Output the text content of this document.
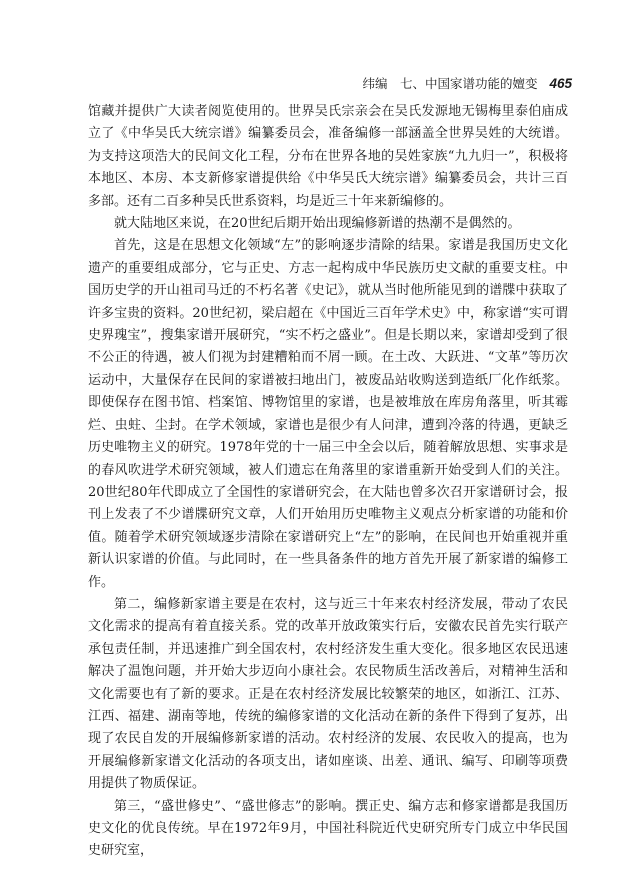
纬编　七、中国家谱功能的嬗变 465

馆藏并提供广大读者阅览使用的。世界吴氏宗亲会在吴氏发源地无锡梅里泰伯庙成立了《中华吴氏大统宗谱》编纂委员会，准备编修一部涵盖全世界吴姓的大统谱。为支持这项浩大的民间文化工程，分布在世界各地的吴姓家族“九九归一”，积极将本地区、本房、本支新修家谱提供给《中华吴氏大统宗谱》编纂委员会，共计三百多部。还有二百多种吴氏世系资料，均是近三十年来新编修的。

就大陆地区来说，在20世纪后期开始出现编修新谱的热潮不是偶然的。

首先，这是在思想文化领域“左”的影响逐步清除的结果。家谱是我国历史文化遗产的重要组成部分，它与正史、方志一起构成中华民族历史文献的重要支柱。中国历史学的开山祖司马迁的不朽名著《史记》，就从当时他所能见到的谱牒中获取了许多宝贵的资料。20世纪初，梁启超在《中国近三百年学术史》中，称家谱“实可谓史界瑰宝”，搜集家谱开展研究，“实不朽之盛业”。但是长期以来，家谱却受到了很不公正的待遇，被人们视为封建糟粕而不屑一顾。在土改、大跃进、“文革”等历次运动中，大量保存在民间的家谱被扫地出门，被废品站收购送到造纸厂化作纸浆。即使保存在图书馆、档案馆、博物馆里的家谱，也是被堆放在库房角落里，听其霉烂、虫蛀、尘封。在学术领域，家谱也是很少有人问津，遭到冷落的待遇，更缺乏历史唯物主义的研究。1978年党的十一届三中全会以后，随着解放思想、实事求是的春风吹进学术研究领域，被人们遗忘在角落里的家谱重新开始受到人们的关注。20世纪80年代即成立了全国性的家谱研究会，在大陆也曾多次召开家谱研讨会，报刊上发表了不少谱牒研究文章，人们开始用历史唯物主义观点分析家谱的功能和价值。随着学术研究领域逐步清除在家谱研究上“左”的影响，在民间也开始重视并重新认识家谱的价值。与此同时，在一些具备条件的地方首先开展了新家谱的编修工作。

第二，编修新家谱主要是在农村，这与近三十年来农村经济发展，带动了农民文化需求的提高有着直接关系。党的改革开放政策实行后，安徽农民首先实行联产承包责任制，并迅速推广到全国农村，农村经济发生重大变化。很多地区农民迅速解决了温饱问题，并开始大步迈向小康社会。农民物质生活改善后，对精神生活和文化需要也有了新的要求。正是在农村经济发展比较繁荣的地区，如浙江、江苏、江西、福建、湖南等地，传统的编修家谱的文化活动在新的条件下得到了复苏，出现了农民自发的开展编修新家谱的活动。农村经济的发展、农民收入的提高，也为开展编修新家谱文化活动的各项支出，诸如座谈、出差、通讯、编写、印刷等项费用提供了物质保证。

第三，“盛世修史”、“盛世修志”的影响。撰正史、编方志和修家谱都是我国历史文化的优良传统。早在1972年9月，中国社科院近代史研究所专门成立中华民国史研究室，
